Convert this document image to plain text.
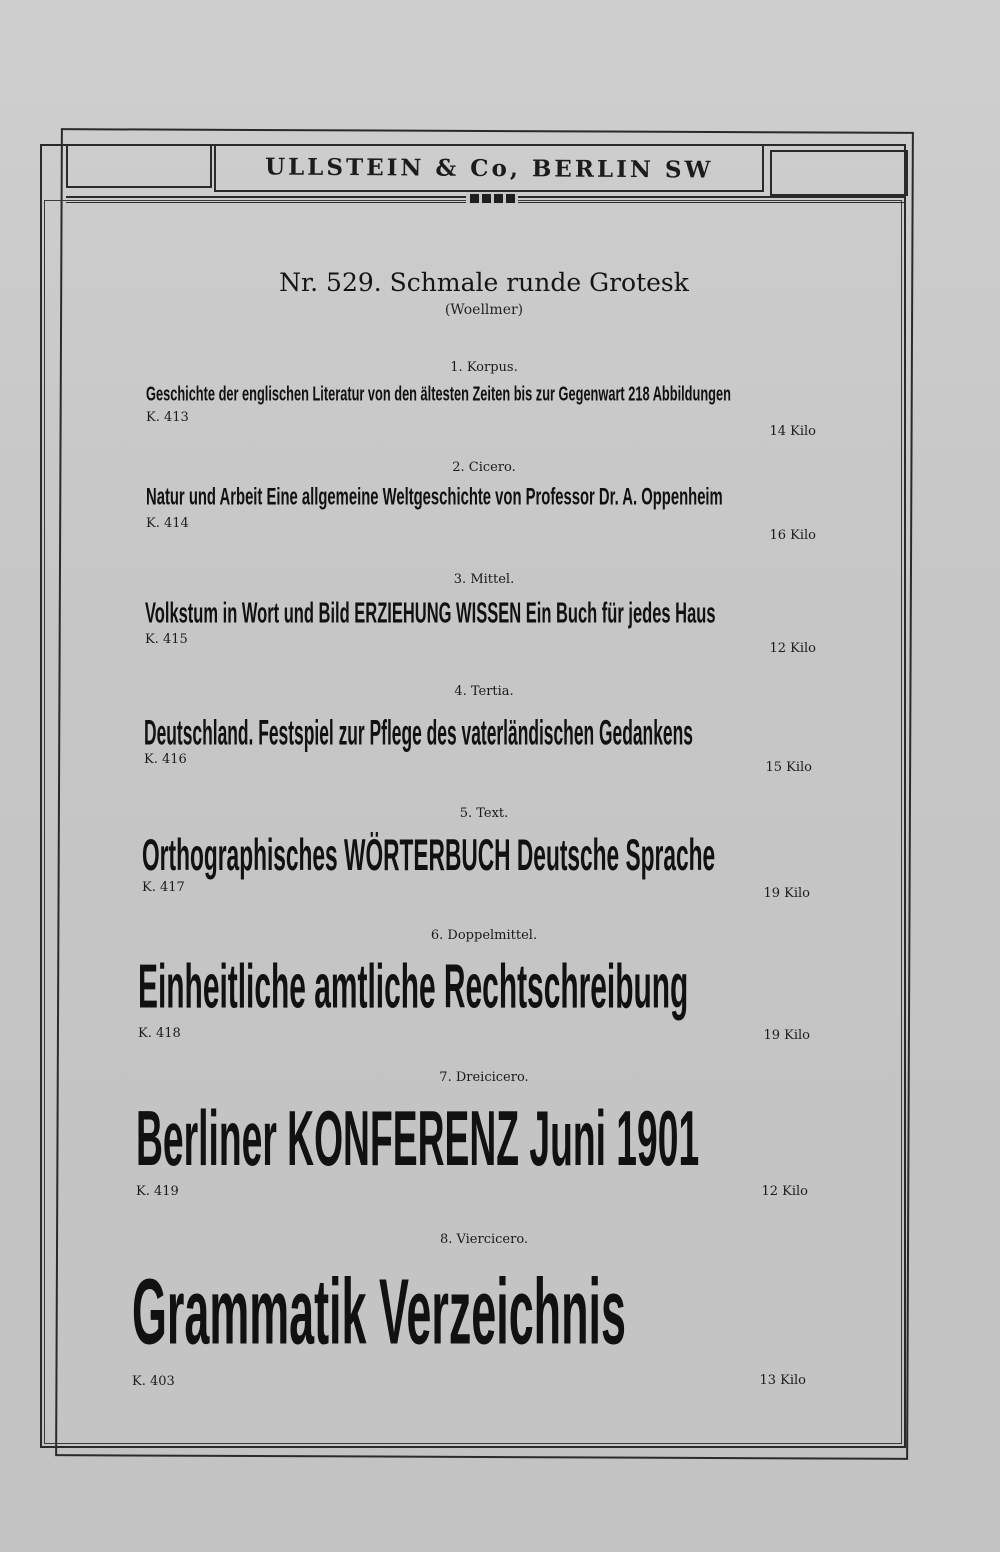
ULLSTEIN & Co, BERLIN SW
Nr. 529. Schmale runde Grotesk
(Woellmer)
1. Korpus.
Geschichte der englischen Literatur von den ältesten Zeiten bis zur Gegenwart 218 Abbildungen
K. 413
14 Kilo
2. Cicero.
Natur und Arbeit Eine allgemeine Weltgeschichte von Professor Dr. A. Oppenheim
K. 414
16 Kilo
3. Mittel.
Volkstum in Wort und Bild ERZIEHUNG WISSEN Ein Buch für jedes Haus
K. 415
12 Kilo
4. Tertia.
Deutschland. Festspiel zur Pflege des vaterländischen Gedankens
K. 416
15 Kilo
5. Text.
Orthographisches WÖRTERBUCH Deutsche Sprache
K. 417	19 Kilo
6. Doppelmittel.
Einheitliche amtliche Rechtschreibung
K. 418	19 Kilo
7. Dreicicero.
Berliner KONFERENZ Juni 1901
K. 419	12 Kilo
8. Viercicero.
Grammatik Verzeichnis
K. 403	13 Kilo
